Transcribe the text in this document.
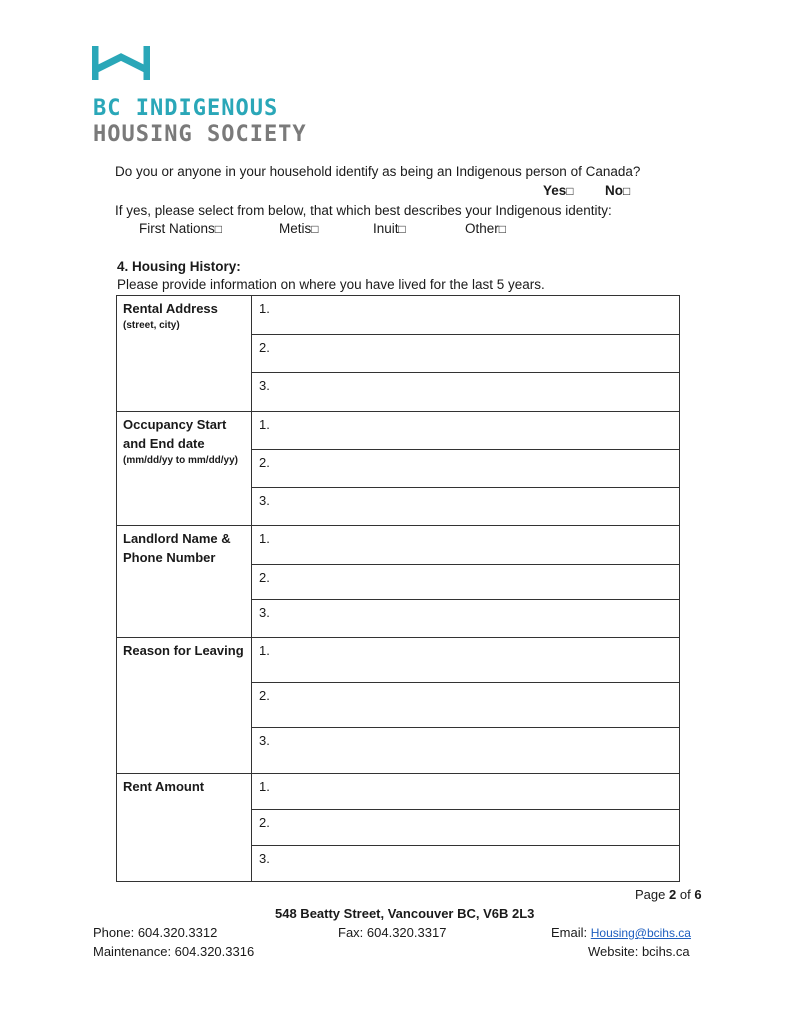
BC INDIGENOUS
HOUSING SOCIETY
Do you or anyone in your household identify as being an Indigenous person of Canada?
Yes□ No□
If yes, please select from below, that which best describes your Indigenous identity:
First Nations□	Metis□	Inuit□	Other□
4. Housing History:
Please provide information on where you have lived for the last 5 years.
Rental Address
(street, city)	1.
	2.
	3.

Occupancy Start and End date
(mm/dd/yy to mm/dd/yy)	1.
	2.
	3.

Landlord Name & Phone Number	1.
	2.
	3.

Reason for Leaving	1.
	2.
	3.

Rent Amount	1.
	2.
	3.
Page 2 of 6
548 Beatty Street, Vancouver BC, V6B 2L3
Phone: 604.320.3312	Fax: 604.320.3317	Email: Housing@bcihs.ca
Maintenance: 604.320.3316	Website: bcihs.ca
